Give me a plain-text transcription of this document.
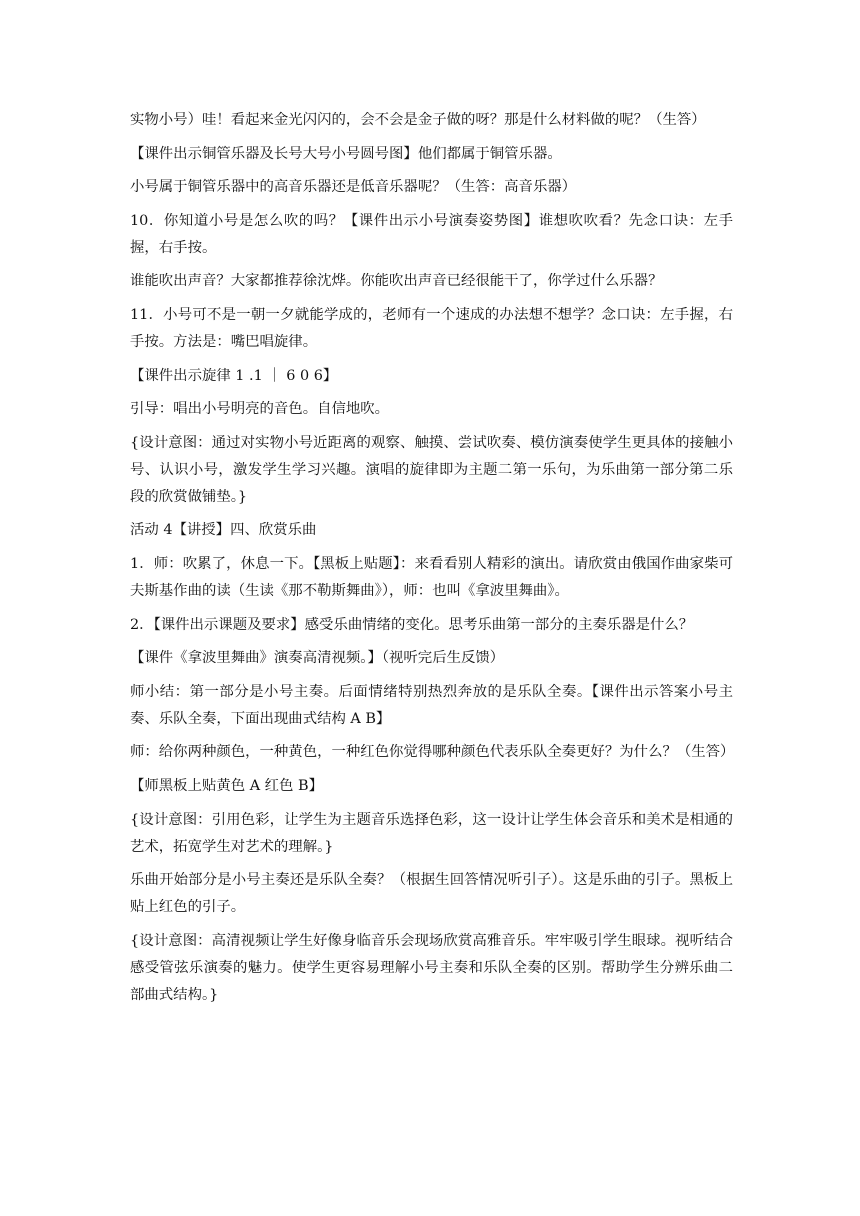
实物小号）哇！看起来金光闪闪的，会不会是金子做的呀？那是什么材料做的呢？（生答）

【课件出示铜管乐器及长号大号小号圆号图】他们都属于铜管乐器。

小号属于铜管乐器中的高音乐器还是低音乐器呢？（生答：高音乐器）

10．你知道小号是怎么吹的吗？【课件出示小号演奏姿势图】谁想吹吹看？先念口诀：左手握，右手按。

谁能吹出声音？大家都推荐徐沈烨。你能吹出声音已经很能干了，你学过什么乐器？

11．小号可不是一朝一夕就能学成的，老师有一个速成的办法想不想学？念口诀：左手握，右手按。方法是：嘴巴唱旋律。

【课件出示旋律 1 .1 ｜ 6 0 6】

引导：唱出小号明亮的音色。自信地吹。

{设计意图：通过对实物小号近距离的观察、触摸、尝试吹奏、模仿演奏使学生更具体的接触小号、认识小号，激发学生学习兴趣。演唱的旋律即为主题二第一乐句，为乐曲第一部分第二乐段的欣赏做铺垫。}

活动 4【讲授】四、欣赏乐曲

1．师：吹累了，休息一下。【黑板上贴题】：来看看别人精彩的演出。请欣赏由俄国作曲家柴可夫斯基作曲的读（生读《那不勒斯舞曲》），师：也叫《拿波里舞曲》。

2．【课件出示课题及要求】感受乐曲情绪的变化。思考乐曲第一部分的主奏乐器是什么？

【课件《拿波里舞曲》演奏高清视频。】（视听完后生反馈）

师小结：第一部分是小号主奏。后面情绪特别热烈奔放的是乐队全奏。【课件出示答案小号主奏、乐队全奏，下面出现曲式结构 A B】

师：给你两种颜色，一种黄色，一种红色你觉得哪种颜色代表乐队全奏更好？为什么？（生答）

【师黑板上贴黄色 A 红色 B】

{设计意图：引用色彩，让学生为主题音乐选择色彩，这一设计让学生体会音乐和美术是相通的艺术，拓宽学生对艺术的理解。}

乐曲开始部分是小号主奏还是乐队全奏？（根据生回答情况听引子）。这是乐曲的引子。黑板上贴上红色的引子。

{设计意图：高清视频让学生好像身临音乐会现场欣赏高雅音乐。牢牢吸引学生眼球。视听结合感受管弦乐演奏的魅力。使学生更容易理解小号主奏和乐队全奏的区别。帮助学生分辨乐曲二部曲式结构。}
